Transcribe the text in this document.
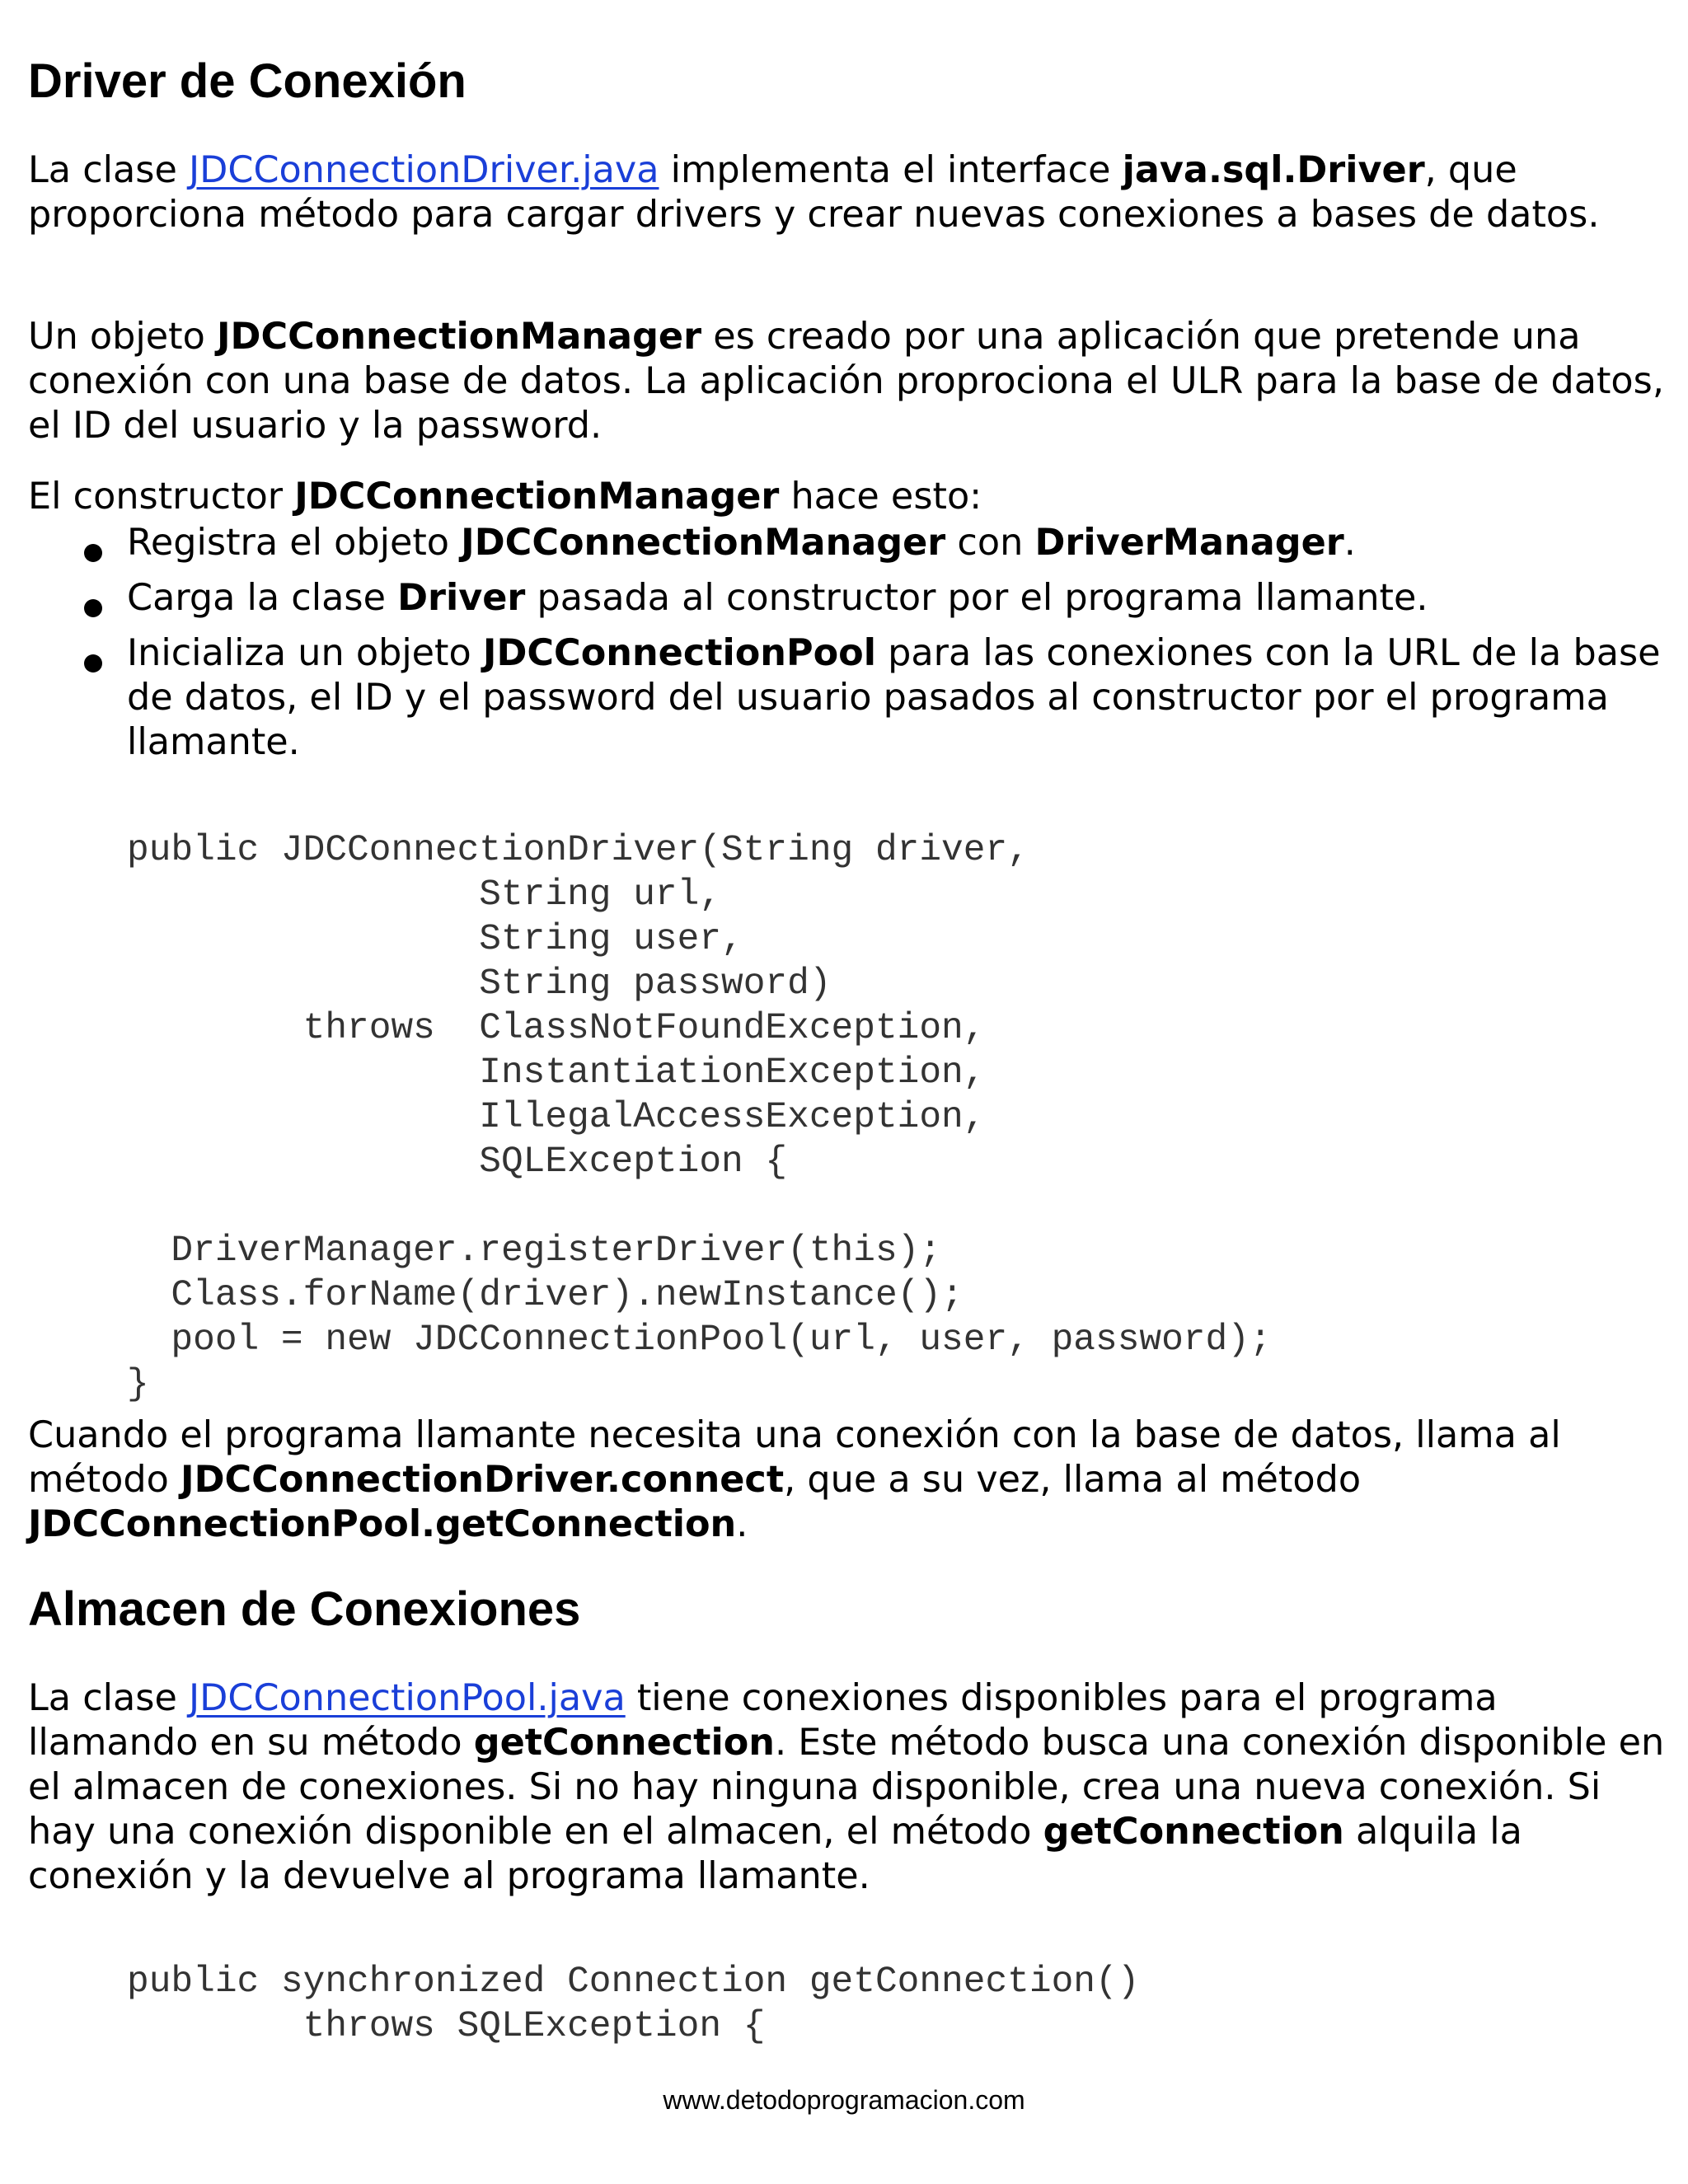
Driver de Conexión

La clase JDCConnectionDriver.java implementa el interface java.sql.Driver, que proporciona método para cargar drivers y crear nuevas conexiones a bases de datos.

Un objeto JDCConnectionManager es creado por una aplicación que pretende una conexión con una base de datos. La aplicación proprociona el ULR para la base de datos, el ID del usuario y la password.

El constructor JDCConnectionManager hace esto:

Registra el objeto JDCConnectionManager con DriverManager.
Carga la clase Driver pasada al constructor por el programa llamante.
Inicializa un objeto JDCConnectionPool para las conexiones con la URL de la base de datos, el ID y el password del usuario pasados al constructor por el programa llamante.
public JDCConnectionDriver(String driver,
String url,
String user,
String password)
throws  ClassNotFoundException,
InstantiationException,
IllegalAccessException,
SQLException {

DriverManager.registerDriver(this);
Class.forName(driver).newInstance();
pool = new JDCConnectionPool(url, user, password);
}

Cuando el programa llamante necesita una conexión con la base de datos, llama al método JDCConnectionDriver.connect, que a su vez, llama al método JDCConnectionPool.getConnection.

Almacen de Conexiones

La clase JDCConnectionPool.java tiene conexiones disponibles para el programa llamando en su método getConnection. Este método busca una conexión disponible en el almacen de conexiones. Si no hay ninguna disponible, crea una nueva conexión. Si hay una conexión disponible en el almacen, el método getConnection alquila la conexión y la devuelve al programa llamante.

public synchronized Connection getConnection()
throws SQLException {
www.detodoprogramacion.com
